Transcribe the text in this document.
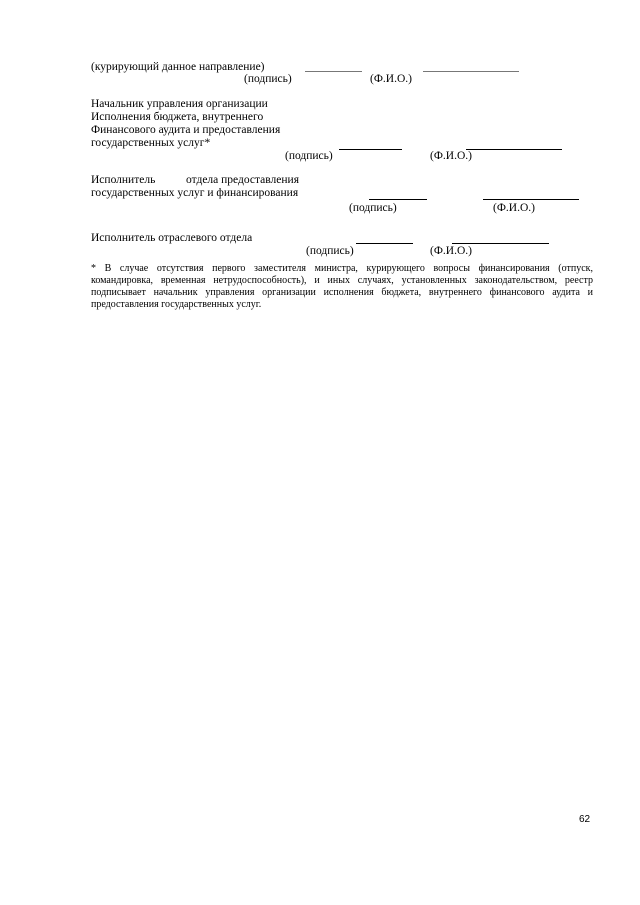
(курирующий данное направление)
(подпись)	(Ф.И.О.)
Начальник управления организации
Исполнения бюджета, внутреннего
Финансового аудита и предоставления
государственных услуг*
(подпись)	(Ф.И.О.)
Исполнитель	отдела предоставления
государственных услуг и финансирования
(подпись)	(Ф.И.О.)
Исполнитель отраслевого отдела
(подпись)	(Ф.И.О.)
* В случае отсутствия первого заместителя министра, курирующего вопросы финансирования (отпуск, командировка, временная нетрудоспособность), и иных случаях, установленных законодательством, реестр подписывает начальник управления организации исполнения бюджета, внутреннего финансового аудита и предоставления государственных услуг.
62
